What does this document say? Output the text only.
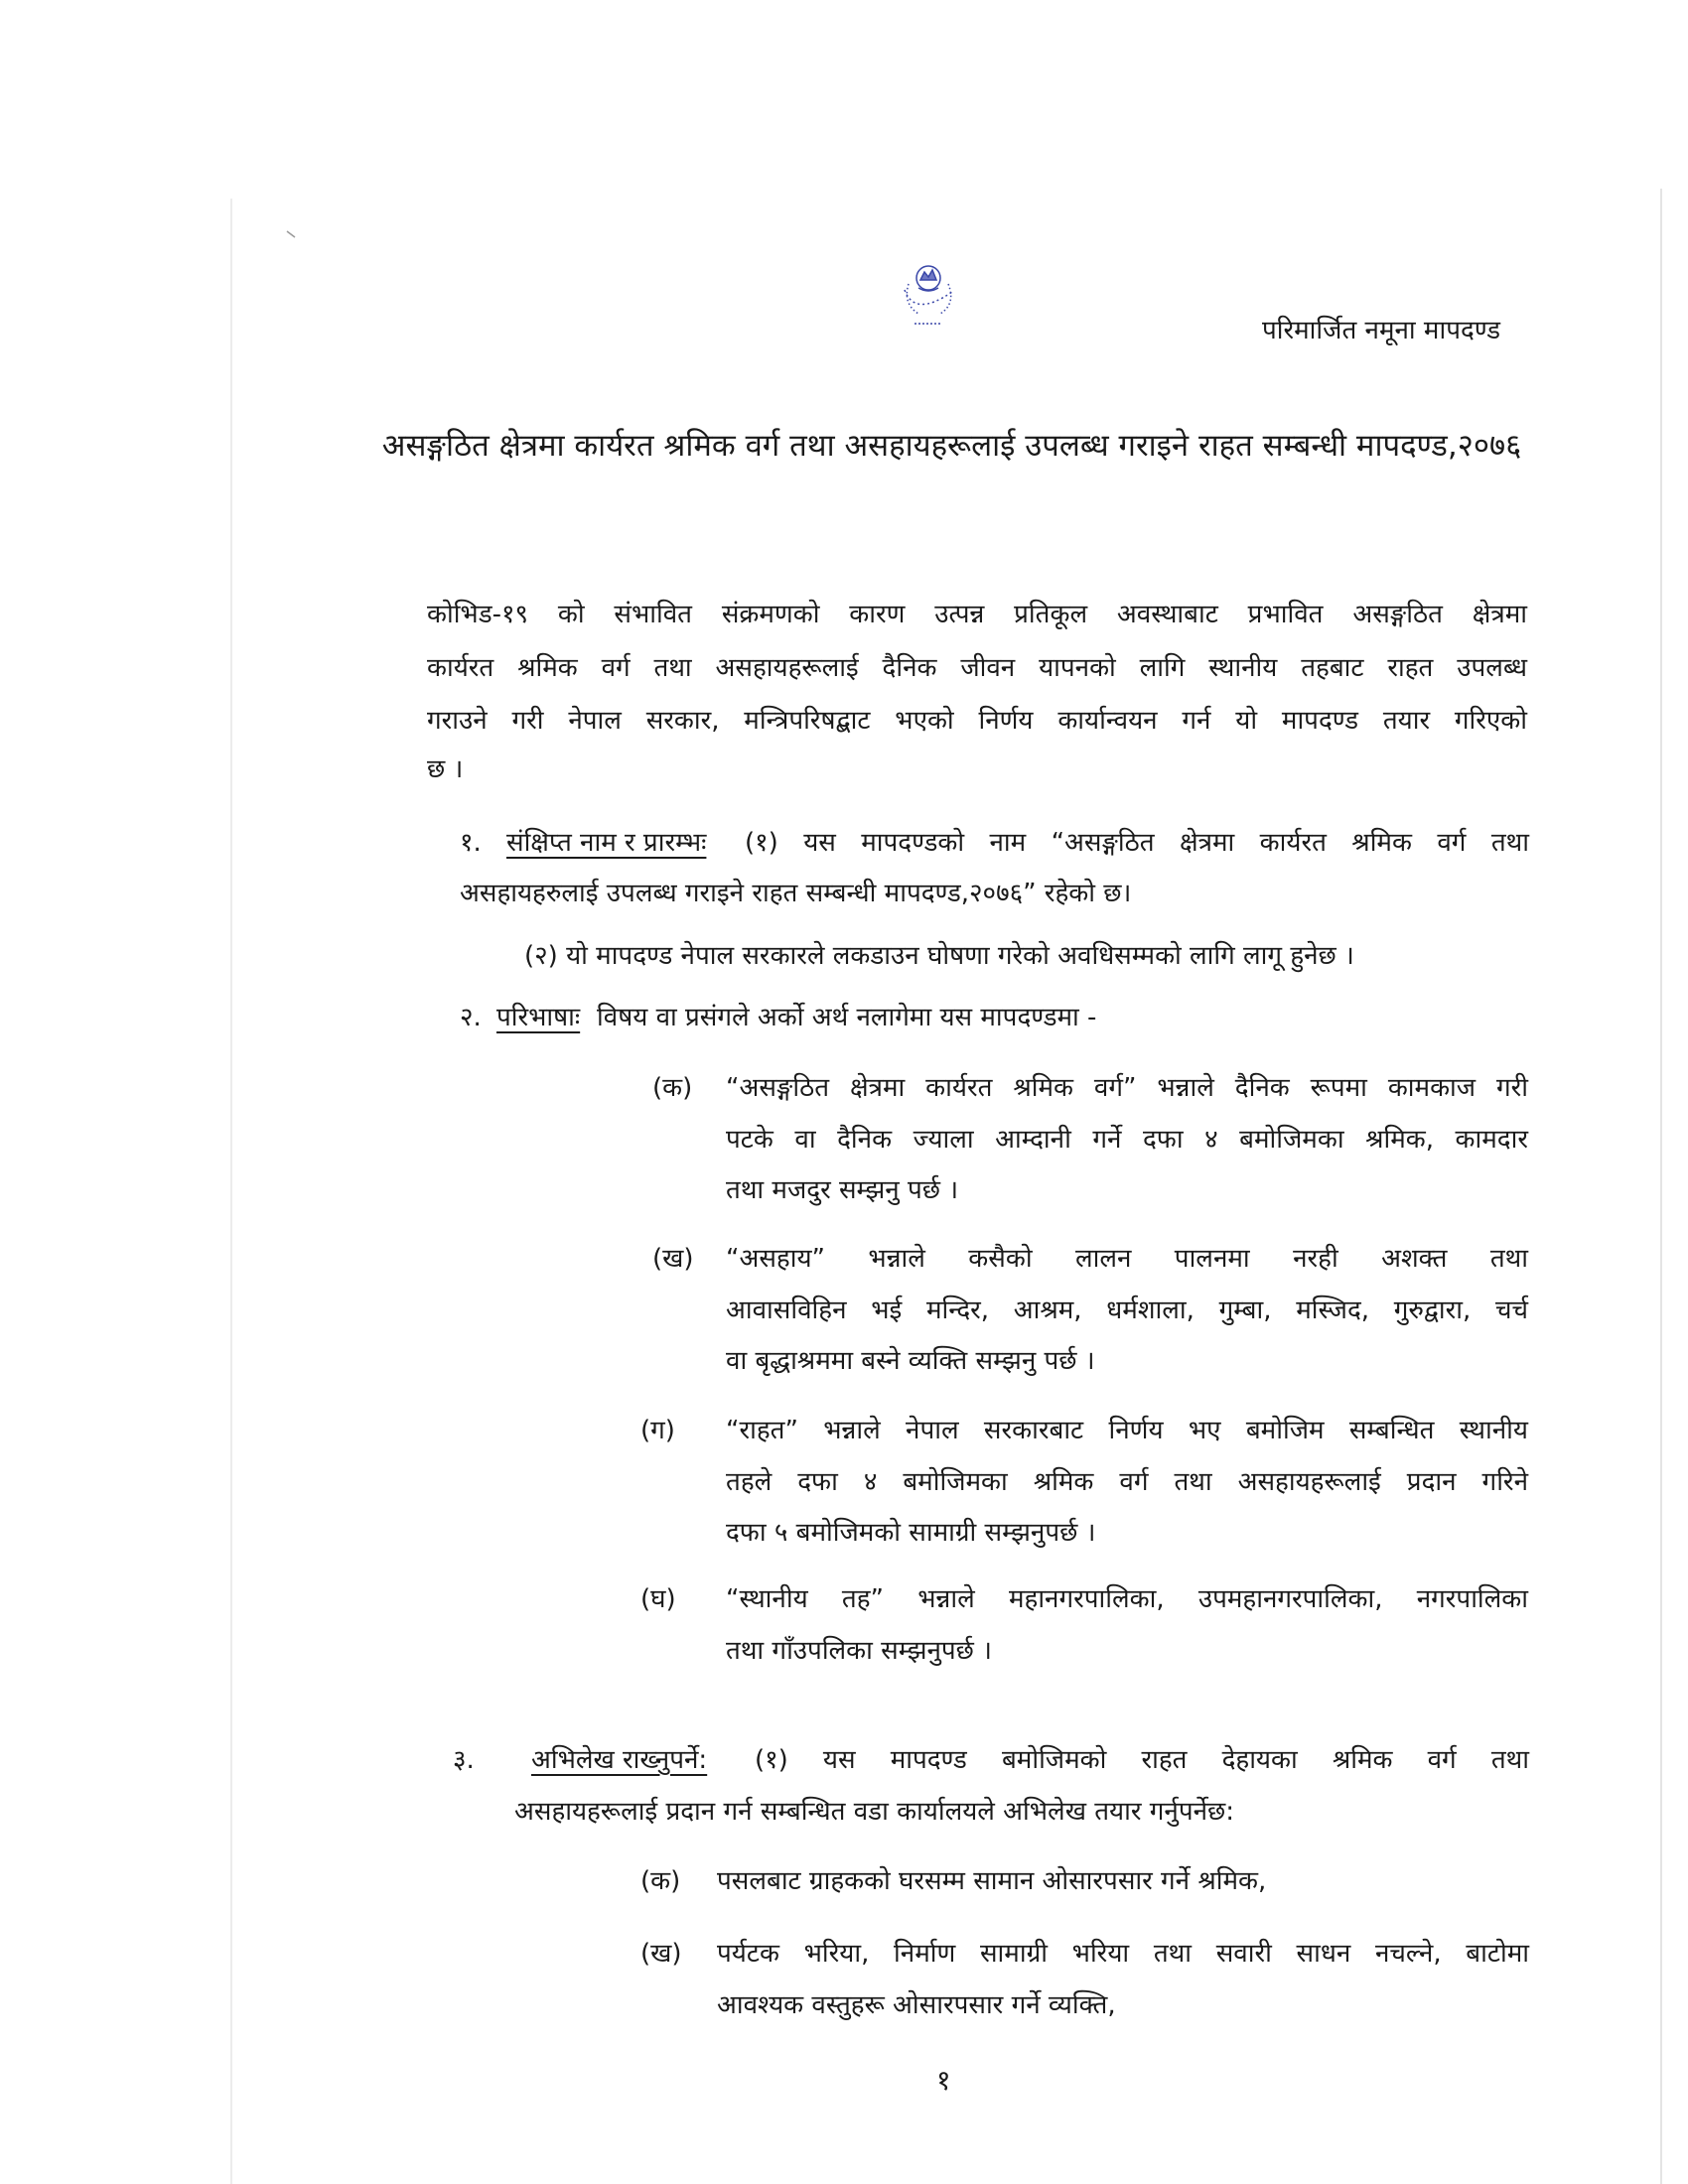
परिमार्जित नमूना मापदण्ड
असङ्गठित क्षेत्रमा कार्यरत श्रमिक वर्ग तथा असहायहरूलाई उपलब्ध गराइने राहत सम्बन्धी मापदण्ड,२०७६
कोभिड-१९ को संभावित संक्रमणको कारण उत्पन्न प्रतिकूल अवस्थाबाट प्रभावित असङ्गठित क्षेत्रमा
कार्यरत श्रमिक वर्ग तथा असहायहरूलाई दैनिक जीवन यापनको लागि स्थानीय तहबाट राहत उपलब्ध
गराउने गरी नेपाल सरकार, मन्त्रिपरिषद्बाट भएको निर्णय कार्यान्वयन गर्न यो मापदण्ड तयार गरिएको
छ ।
१. संक्षिप्त नाम र प्रारम्भः (१) यस मापदण्डको नाम “असङ्गठित क्षेत्रमा कार्यरत श्रमिक वर्ग तथा
असहायहरुलाई उपलब्ध गराइने राहत सम्बन्धी मापदण्ड,२०७६” रहेको छ।
(२) यो मापदण्ड नेपाल सरकारले लकडाउन घोषणा गरेको अवधिसम्मको लागि लागू हुनेछ ।
२. परिभाषाः विषय वा प्रसंगले अर्को अर्थ नलागेमा यस मापदण्डमा -
(क) “असङ्गठित क्षेत्रमा कार्यरत श्रमिक वर्ग” भन्नाले दैनिक रूपमा कामकाज गरी
पटके वा दैनिक ज्याला आम्दानी गर्ने दफा ४ बमोजिमका श्रमिक, कामदार
तथा मजदुर सम्झनु पर्छ ।
(ख) “असहाय” भन्नाले कसैको लालन पालनमा नरही अशक्त तथा
आवासविहिन भई मन्दिर, आश्रम, धर्मशाला, गुम्बा, मस्जिद, गुरुद्वारा, चर्च
वा बृद्धाश्रममा बस्ने व्यक्ति सम्झनु पर्छ ।
(ग) “राहत” भन्नाले नेपाल सरकारबाट निर्णय भए बमोजिम सम्बन्धित स्थानीय
तहले दफा ४ बमोजिमका श्रमिक वर्ग तथा असहायहरूलाई प्रदान गरिने
दफा ५ बमोजिमको सामाग्री सम्झनुपर्छ ।
(घ) “स्थानीय तह” भन्नाले महानगरपालिका, उपमहानगरपालिका, नगरपालिका
तथा गाँउपलिका सम्झनुपर्छ ।
३. अभिलेख राख्नुपर्ने: (१) यस मापदण्ड बमोजिमको राहत देहायका श्रमिक वर्ग तथा
असहायहरूलाई प्रदान गर्न सम्बन्धित वडा कार्यालयले अभिलेख तयार गर्नुपर्नेछ:
(क) पसलबाट ग्राहकको घरसम्म सामान ओसारपसार गर्ने श्रमिक,
(ख) पर्यटक भरिया, निर्माण सामाग्री भरिया तथा सवारी साधन नचल्ने, बाटोमा
आवश्यक वस्तुहरू ओसारपसार गर्ने व्यक्ति,
१
